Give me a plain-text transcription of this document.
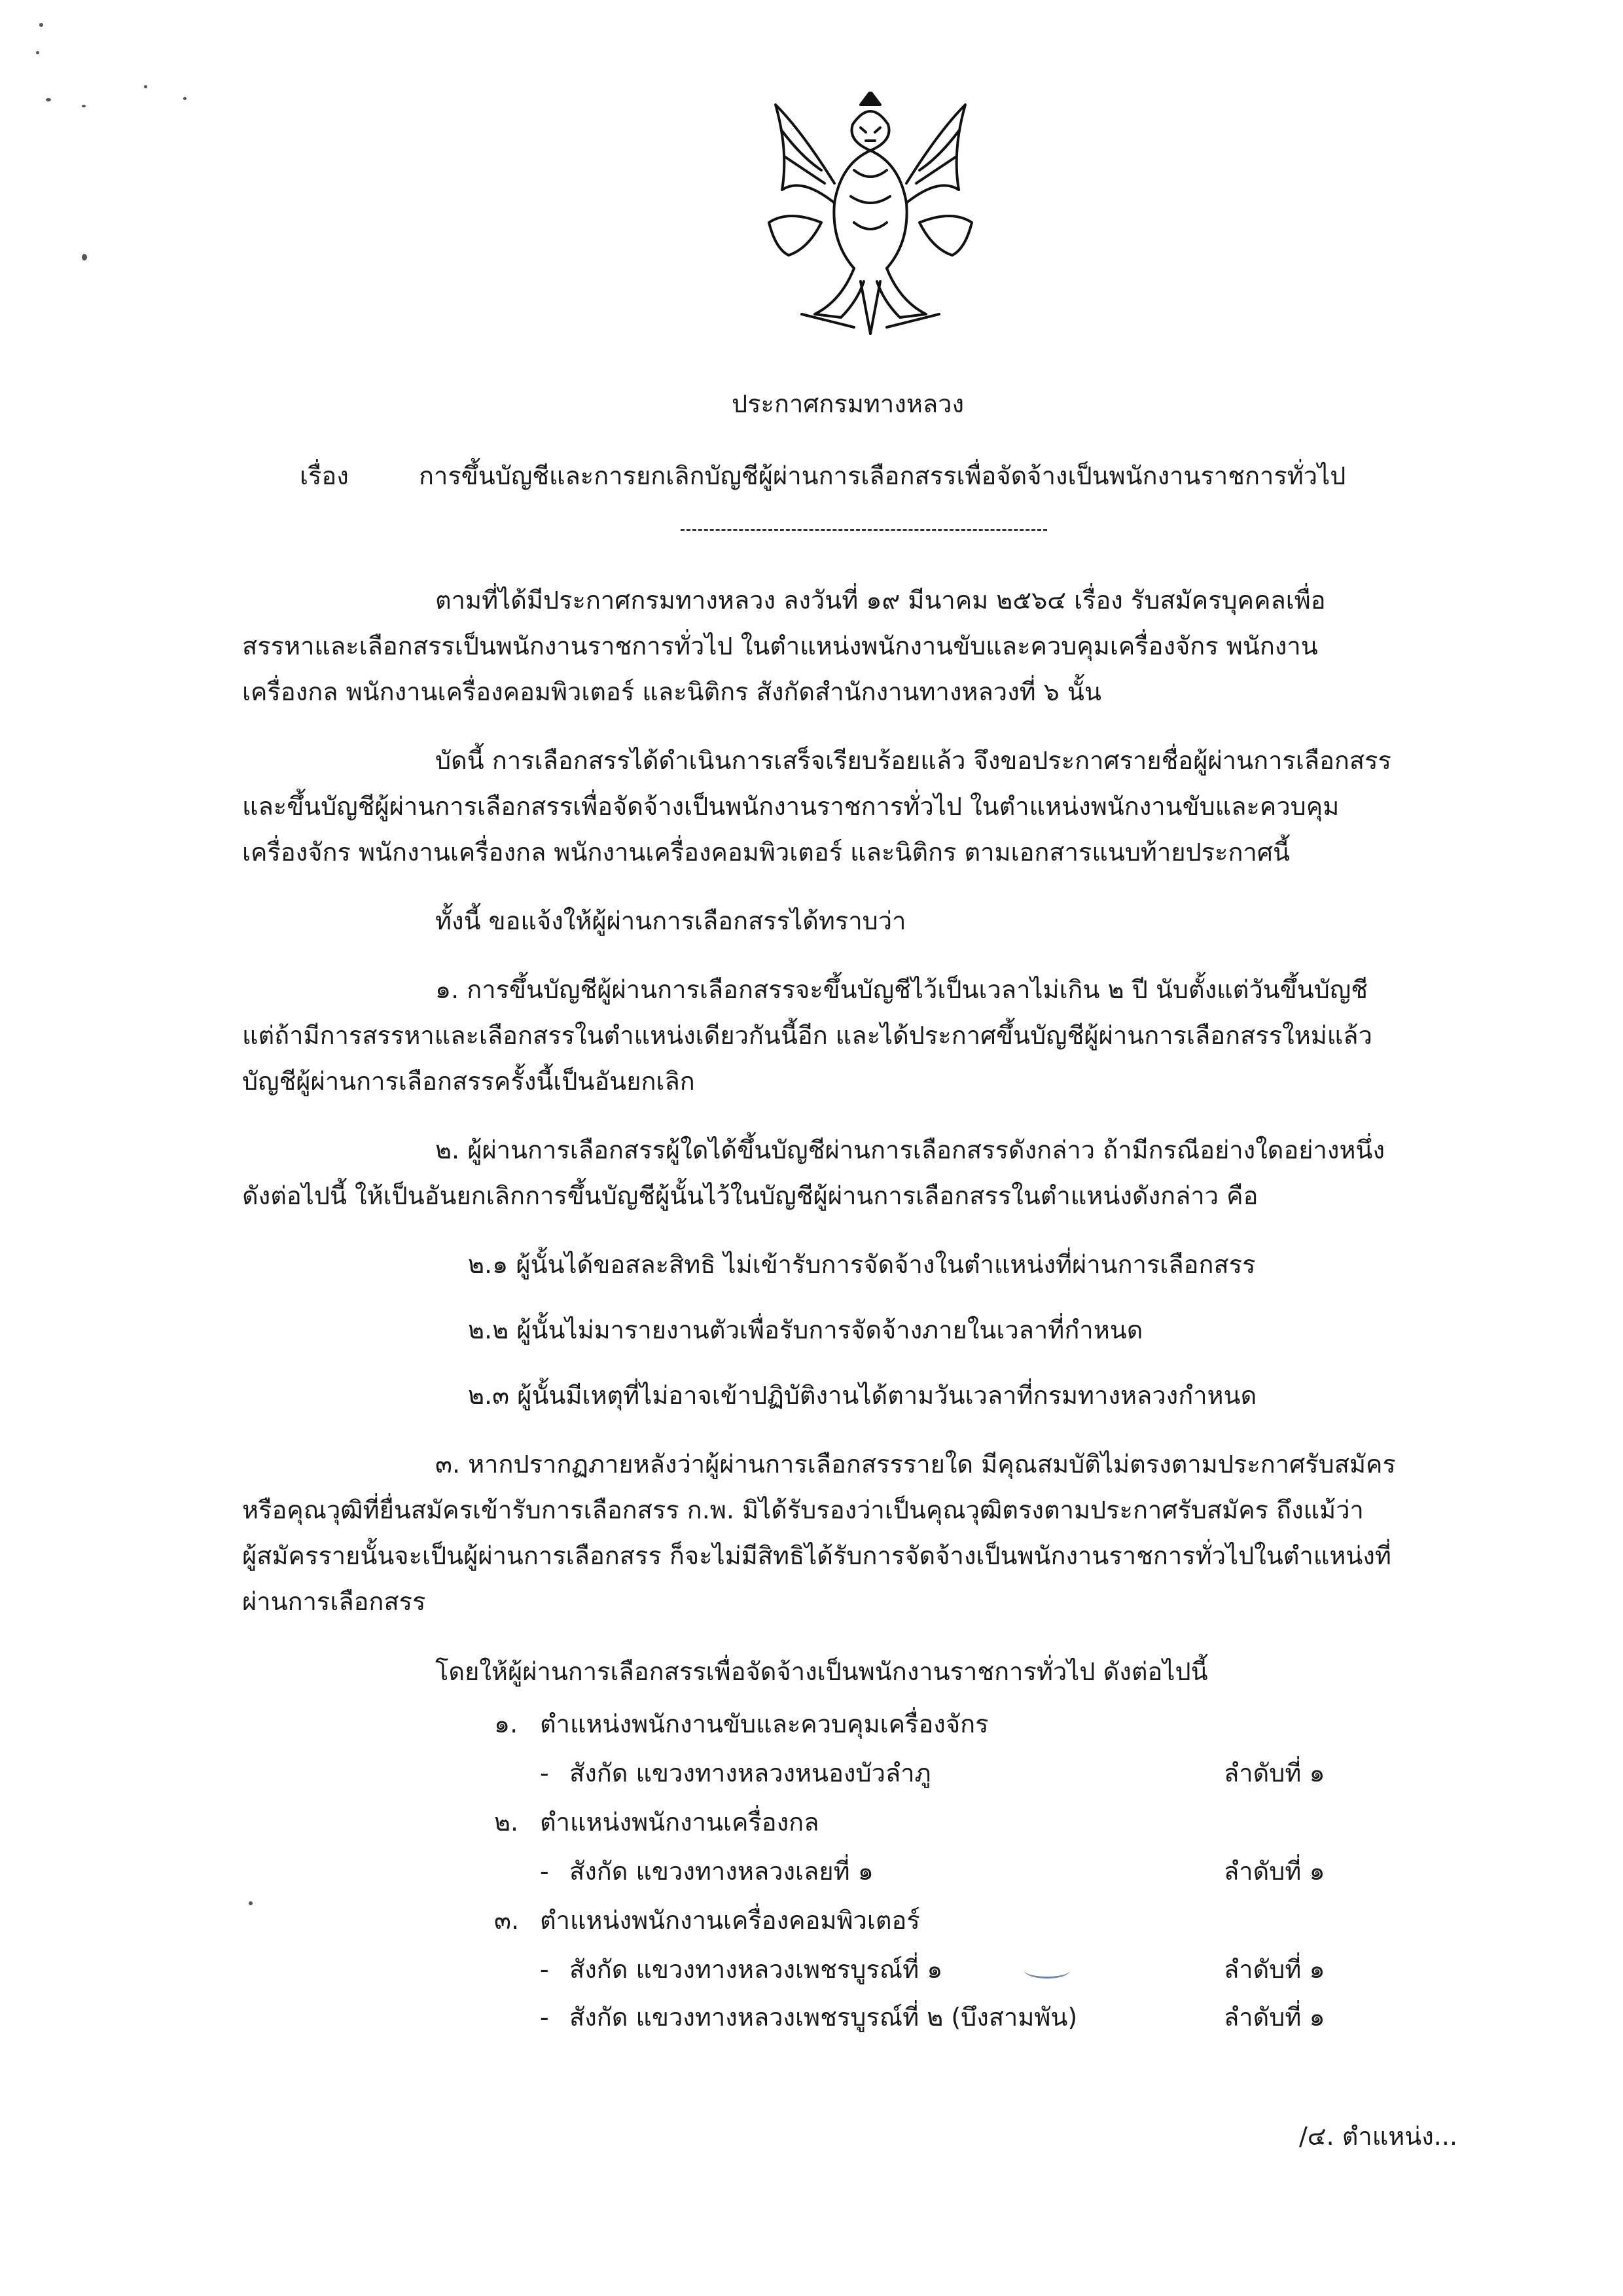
ประกาศกรมทางหลวง
เรื่อง	การขึ้นบัญชีและการยกเลิกบัญชีผู้ผ่านการเลือกสรรเพื่อจัดจ้างเป็นพนักงานราชการทั่วไป
ตามที่ได้มีประกาศกรมทางหลวง ลงวันที่ ๑๙ มีนาคม ๒๕๖๔ เรื่อง รับสมัครบุคคลเพื่อ
สรรหาและเลือกสรรเป็นพนักงานราชการทั่วไป ในตำแหน่งพนักงานขับและควบคุมเครื่องจักร พนักงาน
เครื่องกล พนักงานเครื่องคอมพิวเตอร์ และนิติกร สังกัดสำนักงานทางหลวงที่ ๖ นั้น
บัดนี้ การเลือกสรรได้ดำเนินการเสร็จเรียบร้อยแล้ว จึงขอประกาศรายชื่อผู้ผ่านการเลือกสรร
และขึ้นบัญชีผู้ผ่านการเลือกสรรเพื่อจัดจ้างเป็นพนักงานราชการทั่วไป ในตำแหน่งพนักงานขับและควบคุม
เครื่องจักร พนักงานเครื่องกล พนักงานเครื่องคอมพิวเตอร์ และนิติกร ตามเอกสารแนบท้ายประกาศนี้
ทั้งนี้ ขอแจ้งให้ผู้ผ่านการเลือกสรรได้ทราบว่า
๑. การขึ้นบัญชีผู้ผ่านการเลือกสรรจะขึ้นบัญชีไว้เป็นเวลาไม่เกิน ๒ ปี นับตั้งแต่วันขึ้นบัญชี
แต่ถ้ามีการสรรหาและเลือกสรรในตำแหน่งเดียวกันนี้อีก และได้ประกาศขึ้นบัญชีผู้ผ่านการเลือกสรรใหม่แล้ว
บัญชีผู้ผ่านการเลือกสรรครั้งนี้เป็นอันยกเลิก
๒. ผู้ผ่านการเลือกสรรผู้ใดได้ขึ้นบัญชีผ่านการเลือกสรรดังกล่าว ถ้ามีกรณีอย่างใดอย่างหนึ่ง
ดังต่อไปนี้ ให้เป็นอันยกเลิกการขึ้นบัญชีผู้นั้นไว้ในบัญชีผู้ผ่านการเลือกสรรในตำแหน่งดังกล่าว คือ
๒.๑ ผู้นั้นได้ขอสละสิทธิ ไม่เข้ารับการจัดจ้างในตำแหน่งที่ผ่านการเลือกสรร
๒.๒ ผู้นั้นไม่มารายงานตัวเพื่อรับการจัดจ้างภายในเวลาที่กำหนด
๒.๓ ผู้นั้นมีเหตุที่ไม่อาจเข้าปฏิบัติงานได้ตามวันเวลาที่กรมทางหลวงกำหนด
๓. หากปรากฏภายหลังว่าผู้ผ่านการเลือกสรรรายใด มีคุณสมบัติไม่ตรงตามประกาศรับสมัคร
หรือคุณวุฒิที่ยื่นสมัครเข้ารับการเลือกสรร ก.พ. มิได้รับรองว่าเป็นคุณวุฒิตรงตามประกาศรับสมัคร ถึงแม้ว่า
ผู้สมัครรายนั้นจะเป็นผู้ผ่านการเลือกสรร ก็จะไม่มีสิทธิได้รับการจัดจ้างเป็นพนักงานราชการทั่วไปในตำแหน่งที่
ผ่านการเลือกสรร
โดยให้ผู้ผ่านการเลือกสรรเพื่อจัดจ้างเป็นพนักงานราชการทั่วไป ดังต่อไปนี้
๑. ตำแหน่งพนักงานขับและควบคุมเครื่องจักร
- สังกัด แขวงทางหลวงหนองบัวลำภู	ลำดับที่ ๑
๒. ตำแหน่งพนักงานเครื่องกล
- สังกัด แขวงทางหลวงเลยที่ ๑	ลำดับที่ ๑
๓. ตำแหน่งพนักงานเครื่องคอมพิวเตอร์
- สังกัด แขวงทางหลวงเพชรบูรณ์ที่ ๑	ลำดับที่ ๑
- สังกัด แขวงทางหลวงเพชรบูรณ์ที่ ๒ (บึงสามพัน)	ลำดับที่ ๑
/๔. ตำแหน่ง...
